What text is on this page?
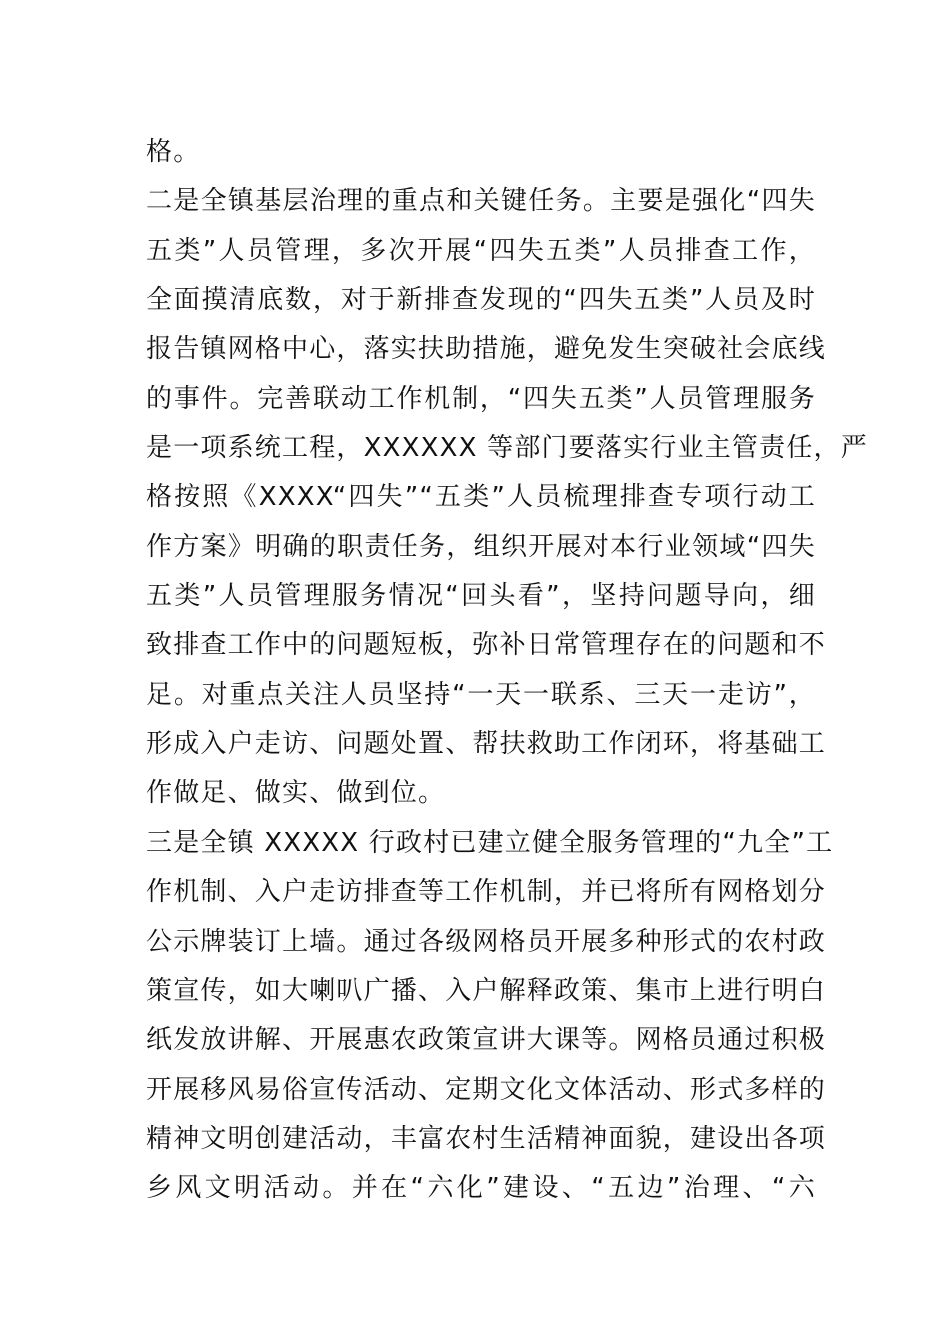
格。
二是全镇基层治理的重点和关键任务。主要是强化“四失
五类”人员管理，多次开展“四失五类”人员排查工作，
全面摸清底数，对于新排查发现的“四失五类”人员及时
报告镇网格中心，落实扶助措施，避免发生突破社会底线
的事件。完善联动工作机制，“四失五类”人员管理服务
是一项系统工程，XXXXXX 等部门要落实行业主管责任，严
格按照《XXXX“四失”“五类”人员梳理排查专项行动工
作方案》明确的职责任务，组织开展对本行业领域“四失
五类”人员管理服务情况“回头看”，坚持问题导向，细
致排查工作中的问题短板，弥补日常管理存在的问题和不
足。对重点关注人员坚持“一天一联系、三天一走访”，
形成入户走访、问题处置、帮扶救助工作闭环，将基础工
作做足、做实、做到位。
三是全镇 XXXXX 行政村已建立健全服务管理的“九全”工
作机制、入户走访排查等工作机制，并已将所有网格划分
公示牌装订上墙。通过各级网格员开展多种形式的农村政
策宣传，如大喇叭广播、入户解释政策、集市上进行明白
纸发放讲解、开展惠农政策宣讲大课等。网格员通过积极
开展移风易俗宣传活动、定期文化文体活动、形式多样的
精神文明创建活动，丰富农村生活精神面貌，建设出各项
乡风文明活动。并在“六化”建设、“五边”治理、“六
